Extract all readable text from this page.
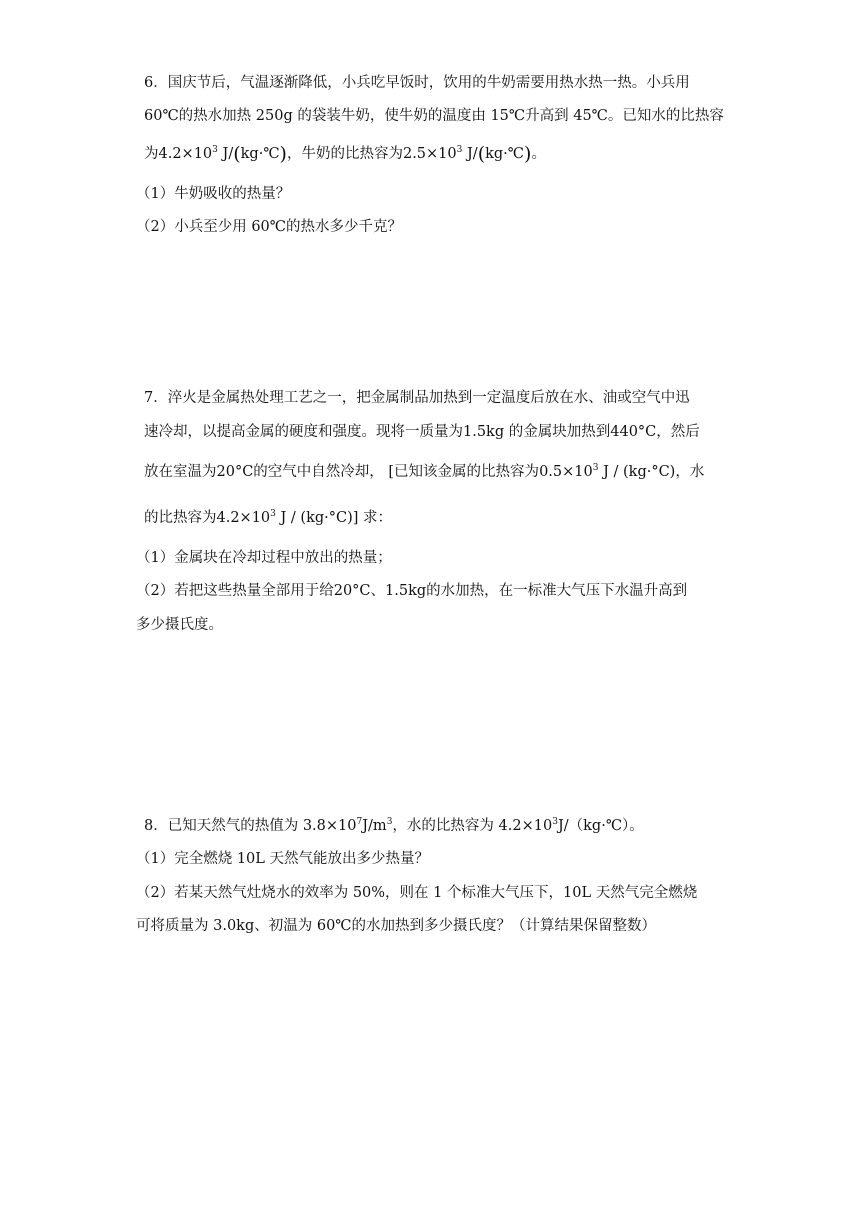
6．国庆节后，气温逐渐降低，小兵吃早饭时，饮用的牛奶需要用热水热一热。小兵用
60℃的热水加热 250g 的袋装牛奶，使牛奶的温度由 15℃升高到 45℃。已知水的比热容
为$4.2\times 10^3$ J/(kg·℃)，牛奶的比热容为$2.5\times 10^3$ J/(kg·℃)。
（1）牛奶吸收的热量？
（2）小兵至少用 60℃的热水多少千克？
7．淬火是金属热处理工艺之一，把金属制品加热到一定温度后放在水、油或空气中迅
速冷却，以提高金属的硬度和强度。现将一质量为1.5kg 的金属块加热到440°C，然后
放在室温为20°C的空气中自然冷却， [已知该金属的比热容为$0.5\times 10^3$ J / (kg·°C)，水
的比热容为$4.2\times 10^3$ J / (kg·°C)] 求：
（1）金属块在冷却过程中放出的热量；
（2）若把这些热量全部用于给20°C、1.5kg的水加热，在一标准大气压下水温升高到
多少摄氏度。
8．已知天然气的热值为 $3.8\times 10^7J/m^3$，水的比热容为 $4.2\times 10^3J/(kg\cdot℃)$。
（1）完全燃烧 10L 天然气能放出多少热量？
（2）若某天然气灶烧水的效率为 50%，则在 1 个标准大气压下，10L 天然气完全燃烧
可将质量为 3.0kg、初温为 60℃的水加热到多少摄氏度？（计算结果保留整数）
